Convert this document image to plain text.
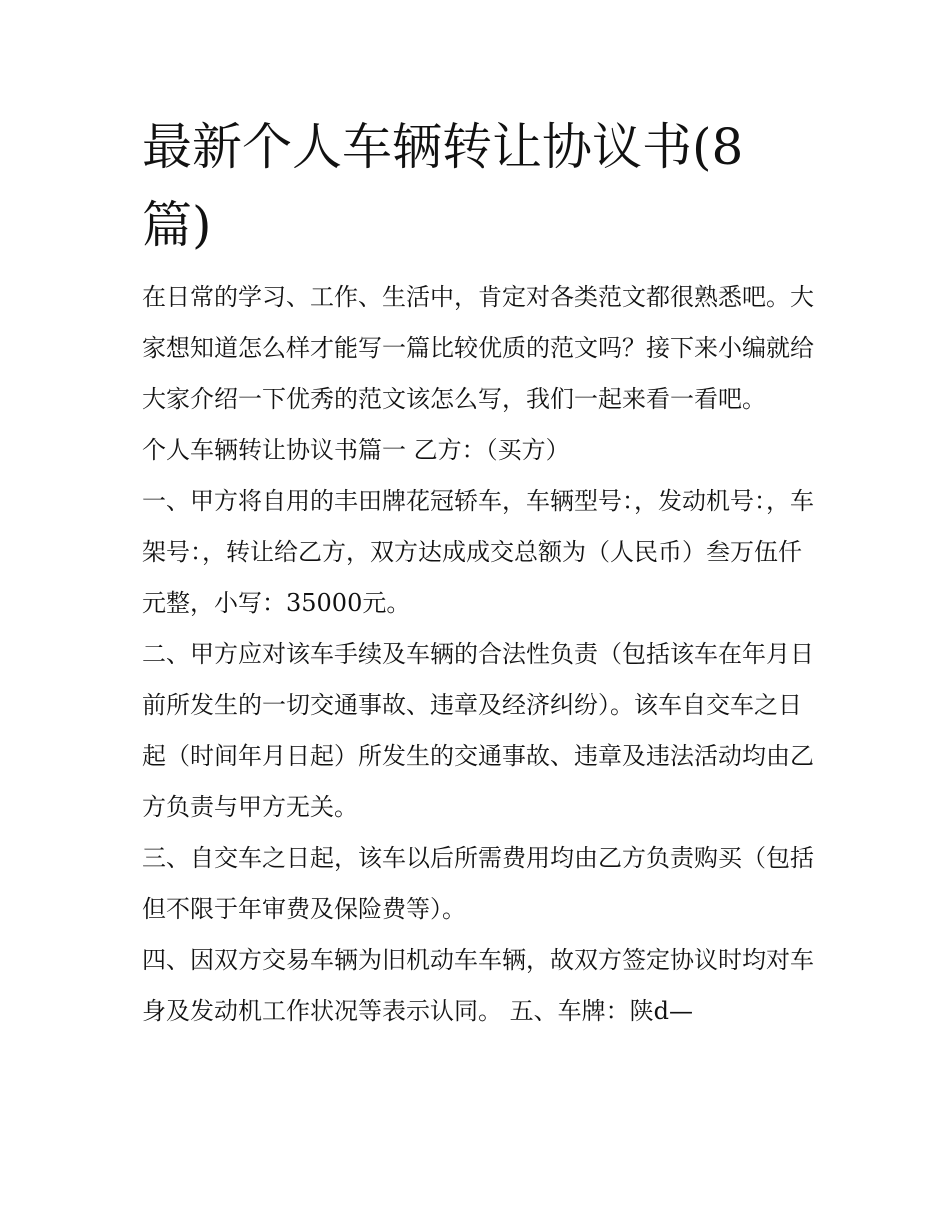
最新个人车辆转让协议书(8篇)

在日常的学习、工作、生活中，肯定对各类范文都很熟悉吧。大家想知道怎么样才能写一篇比较优质的范文吗？接下来小编就给大家介绍一下优秀的范文该怎么写，我们一起来看一看吧。

个人车辆转让协议书篇一 乙方：（买方）

一、甲方将自用的丰田牌花冠轿车，车辆型号：，发动机号：，车架号：，转让给乙方，双方达成成交总额为（人民币）叁万伍仟元整，小写：35000元。

二、甲方应对该车手续及车辆的合法性负责（包括该车在年月日前所发生的一切交通事故、违章及经济纠纷）。该车自交车之日起（时间年月日起）所发生的交通事故、违章及违法活动均由乙方负责与甲方无关。

三、自交车之日起，该车以后所需费用均由乙方负责购买（包括但不限于年审费及保险费等）。

四、因双方交易车辆为旧机动车车辆，故双方签定协议时均对车身及发动机工作状况等表示认同。 五、车牌：陕d—
